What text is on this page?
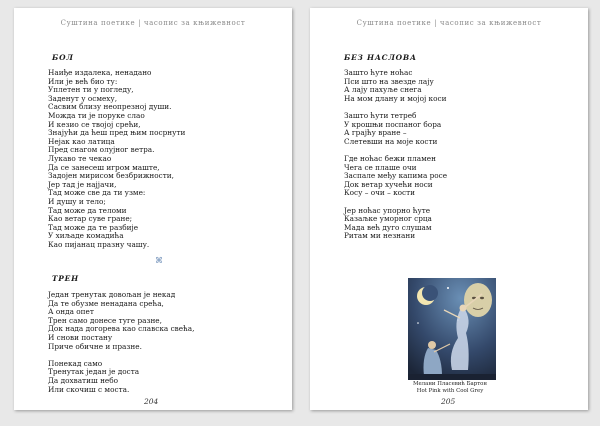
Суштина поетике | часопис за књижевност
БОЛ
Наиђе издалека, ненадано
Или је већ био ту:
Уплетен ти у погледу,
Заденут у осмеху,
Сасвим близу неопрезној души.
Можда ти је поруке слао
И кезио се твојој срећи,
Знајући да ћеш пред њим посрнути
Нејак као латица
Пред снагом олујног ветра.
Лукаво те чекао
Да се занесеш игром маште,
Задојен мирисом безбрижности,
Јер тад је најјачи,
Тад може све да ти узме:
И душу и тело;
Тад може да теломи
Као ветар суве гране;
Тад може да те разбије
У хиљаде комадића
Као пијанац празну чашу.
⌘
ТРЕН
Један тренутак довољан је некад
Да те обузме ненадана срећа,
А онда опет
Трен само донесе туге разне,
Док нада догорева као славска свећа,
И снови постану
Приче обичне и празне.
Понекад само
Тренутак један је доста
Да дохватиш небо
Или скочиш с моста.
204
Суштина поетике | часопис за књижевност
БЕЗ НАСЛОВА
Зашто ћуте ноћас
Пси што на звезде лају
А лају пахуље снега
На мом длану и мојој коси
Зашто ћути тетреб
У крошњи поспаног бора
А грајћу вране –
Слетевши на моје кости
Где ноћас бежи пламен
Чега се плаше очи
Заспале међу капима росе
Док ветар хучећи носи
Косу – очи – кости
Јер ноћас упорно ћуте
Казаљке уморног срца
Мада већ дуго слушам
Ритам ми незнани
Мелани Пласевић Бартон
Hot Pink with Cool Grey
205
